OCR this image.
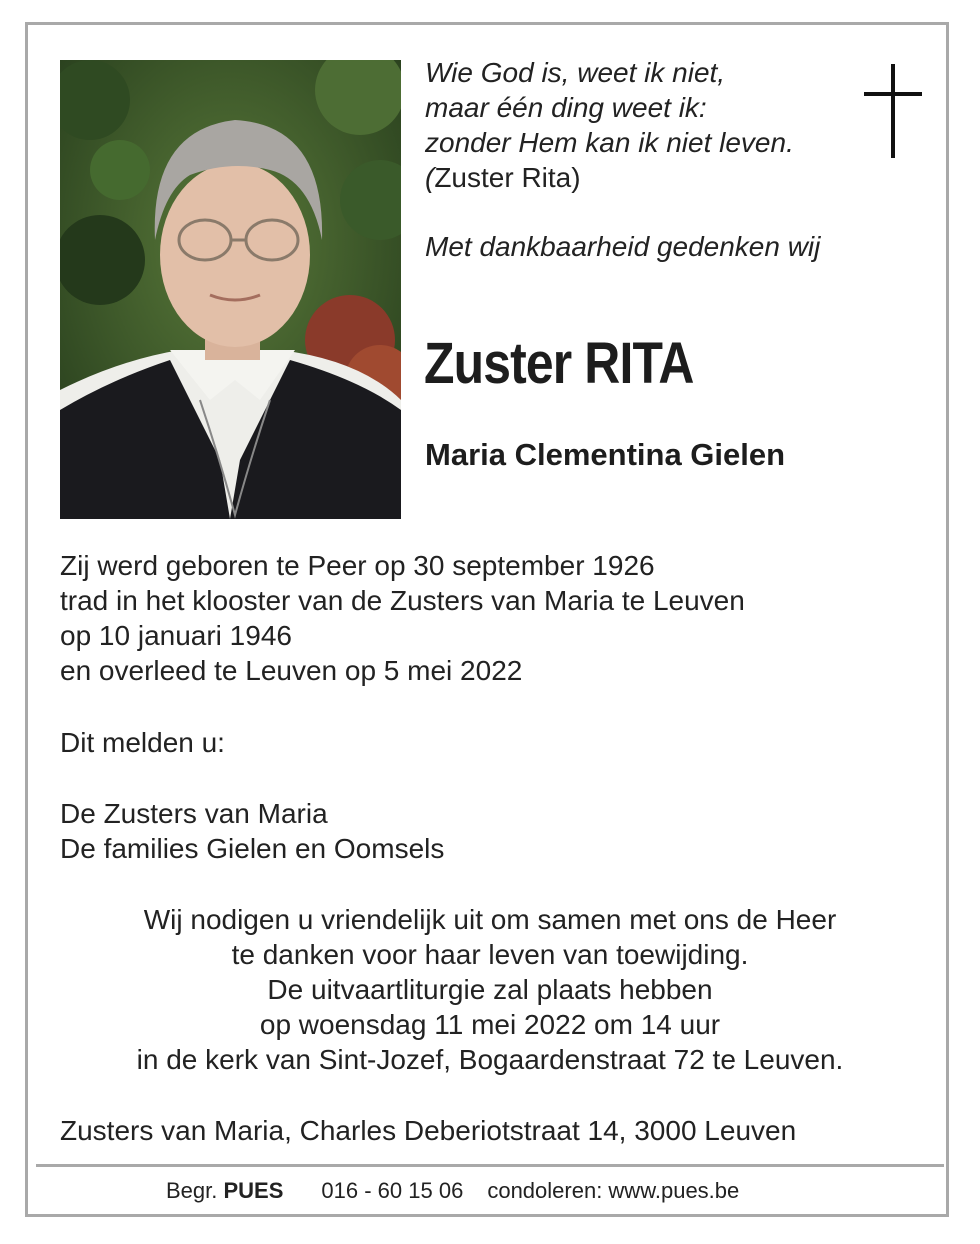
Wie God is, weet ik niet,
maar één ding weet ik:
zonder Hem kan ik niet leven.
(Zuster Rita)
Met dankbaarheid gedenken wij
Zuster RITA
Maria Clementina Gielen
Zij werd geboren te Peer op 30 september 1926
trad in het klooster van de Zusters van Maria te Leuven
op 10 januari 1946
en overleed te Leuven op 5 mei 2022
Dit melden u:
De Zusters van Maria
De families Gielen en Oomsels
Wij nodigen u vriendelijk uit om samen met ons de Heer
te danken voor haar leven van toewijding.
De uitvaartliturgie zal plaats hebben
op woensdag 11 mei 2022 om 14 uur
in de kerk van Sint-Jozef, Bogaardenstraat 72 te Leuven.
Zusters van Maria, Charles Deberiotstraat 14, 3000 Leuven
Begr. PUES 016 - 60 15 06 condoleren: www.pues.be
